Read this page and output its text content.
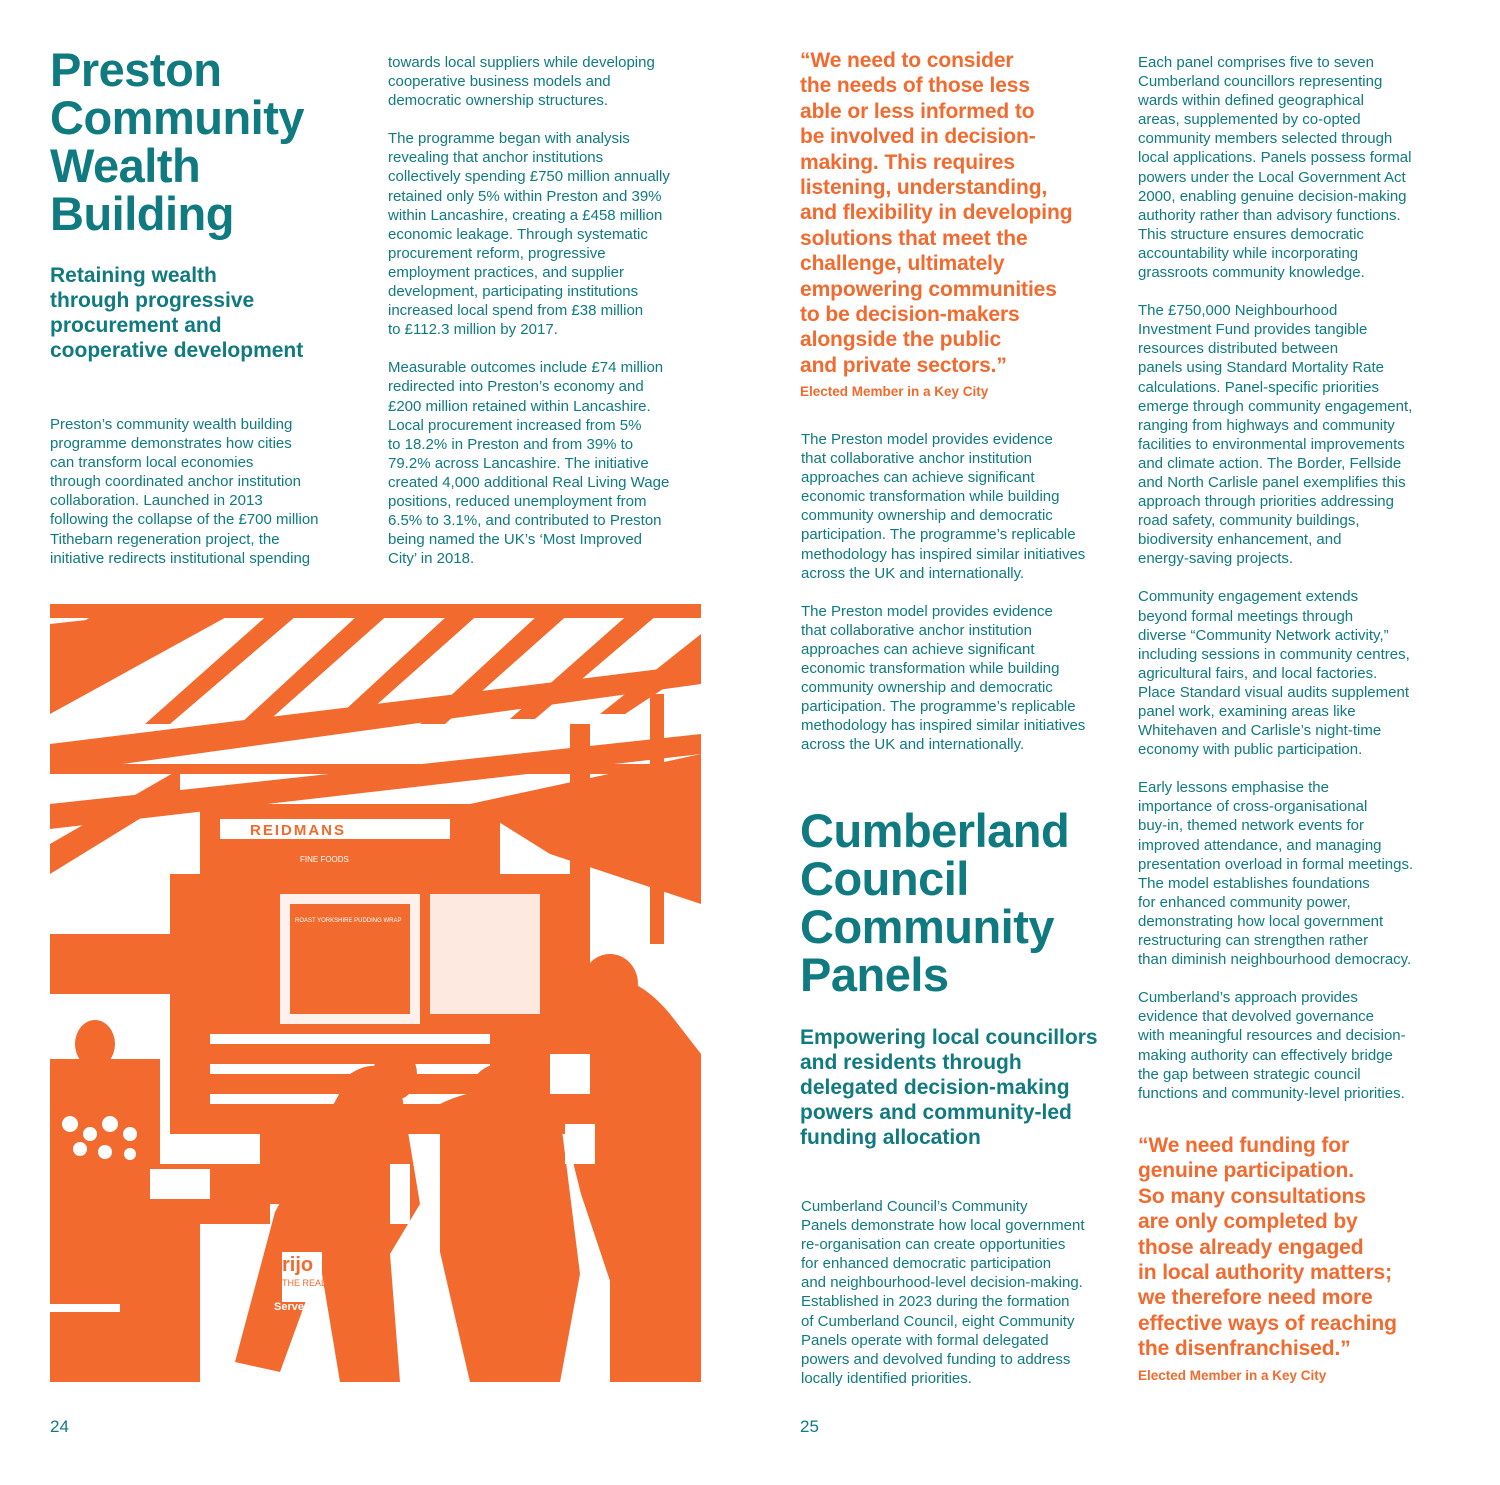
Preston
Community
Wealth
Building
Retaining wealth
through progressive
procurement and
cooperative development
Preston’s community wealth building
programme demonstrates how cities
can transform local economies
through coordinated anchor institution
collaboration. Launched in 2013
following the collapse of the £700 million
Tithebarn regeneration project, the
initiative redirects institutional spending
towards local suppliers while developing
cooperative business models and
democratic ownership structures.
The programme began with analysis
revealing that anchor institutions
collectively spending £750 million annually
retained only 5% within Preston and 39%
within Lancashire, creating a £458 million
economic leakage. Through systematic
procurement reform, progressive
employment practices, and supplier
development, participating institutions
increased local spend from £38 million
to £112.3 million by 2017.
Measurable outcomes include £74 million
redirected into Preston’s economy and
£200 million retained within Lancashire.
Local procurement increased from 5%
to 18.2% in Preston and from 39% to
79.2% across Lancashire. The initiative
created 4,000 additional Real Living Wage
positions, reduced unemployment from
6.5% to 3.1%, and contributed to Preston
being named the UK’s ‘Most Improved
City’ in 2018.
REIDMANS
FINE FOODS
ROAST YORKSHIRE PUDDING WRAP
rijo
THE REAL
Served H
24
“We need to consider
the needs of those less
able or less informed to
be involved in decision-
making. This requires
listening, understanding,
and flexibility in developing
solutions that meet the
challenge, ultimately
empowering communities
to be decision-makers
alongside the public
and private sectors.”
Elected Member in a Key City
The Preston model provides evidence
that collaborative anchor institution
approaches can achieve significant
economic transformation while building
community ownership and democratic
participation. The programme’s replicable
methodology has inspired similar initiatives
across the UK and internationally.
The Preston model provides evidence
that collaborative anchor institution
approaches can achieve significant
economic transformation while building
community ownership and democratic
participation. The programme’s replicable
methodology has inspired similar initiatives
across the UK and internationally.
Cumberland
Council
Community
Panels
Empowering local councillors
and residents through
delegated decision-making
powers and community-led
funding allocation
Cumberland Council’s Community
Panels demonstrate how local government
re-organisation can create opportunities
for enhanced democratic participation
and neighbourhood-level decision-making.
Established in 2023 during the formation
of Cumberland Council, eight Community
Panels operate with formal delegated
powers and devolved funding to address
locally identified priorities.
Each panel comprises five to seven
Cumberland councillors representing
wards within defined geographical
areas, supplemented by co-opted
community members selected through
local applications. Panels possess formal
powers under the Local Government Act
2000, enabling genuine decision-making
authority rather than advisory functions.
This structure ensures democratic
accountability while incorporating
grassroots community knowledge.
The £750,000 Neighbourhood
Investment Fund provides tangible
resources distributed between
panels using Standard Mortality Rate
calculations. Panel-specific priorities
emerge through community engagement,
ranging from highways and community
facilities to environmental improvements
and climate action. The Border, Fellside
and North Carlisle panel exemplifies this
approach through priorities addressing
road safety, community buildings,
biodiversity enhancement, and
energy-saving projects.
Community engagement extends
beyond formal meetings through
diverse “Community Network activity,”
including sessions in community centres,
agricultural fairs, and local factories.
Place Standard visual audits supplement
panel work, examining areas like
Whitehaven and Carlisle’s night-time
economy with public participation.
Early lessons emphasise the
importance of cross-organisational
buy-in, themed network events for
improved attendance, and managing
presentation overload in formal meetings.
The model establishes foundations
for enhanced community power,
demonstrating how local government
restructuring can strengthen rather
than diminish neighbourhood democracy.
Cumberland’s approach provides
evidence that devolved governance
with meaningful resources and decision-
making authority can effectively bridge
the gap between strategic council
functions and community-level priorities.
“We need funding for
genuine participation.
So many consultations
are only completed by
those already engaged
in local authority matters;
we therefore need more
effective ways of reaching
the disenfranchised.”
Elected Member in a Key City
25
